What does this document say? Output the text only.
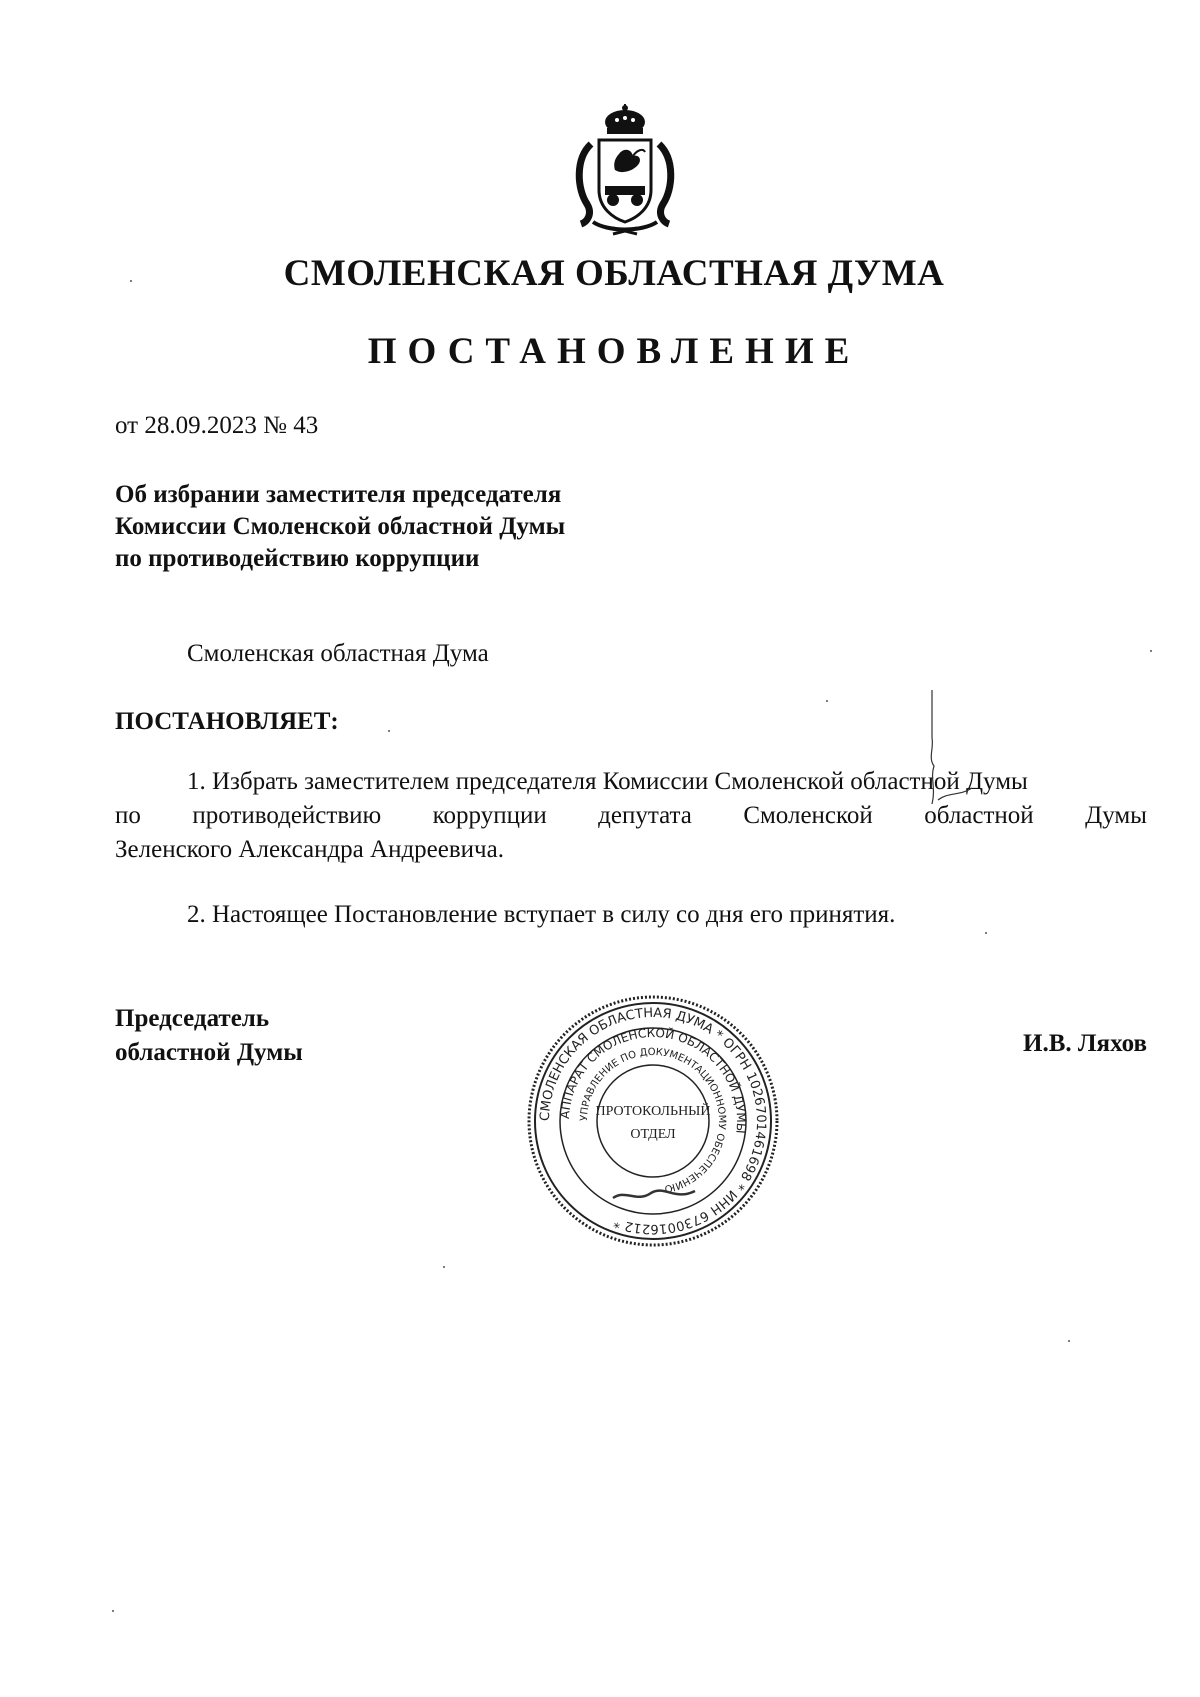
СМОЛЕНСКАЯ ОБЛАСТНАЯ ДУМА
ПОСТАНОВЛЕНИЕ
от 28.09.2023 № 43
Об избрании заместителя председателя
Комиссии Смоленской областной Думы
по противодействию коррупции
Смоленская областная Дума
ПОСТАНОВЛЯЕТ:
1. Избрать заместителем председателя Комиссии Смоленской областной Думы
по противодействию коррупции депутата Смоленской областной Думы
Зеленского Александра Андреевича.
2. Настоящее Постановление вступает в силу со дня его принятия.
Председатель
областной Думы	И.В. Ляхов
СМОЛЕНСКАЯ ОБЛАСТНАЯ ДУМА * ОГРН 1026701461698 * ИНН 6730016212 *
АППАРАТ СМОЛЕНСКОЙ ОБЛАСТНОЙ ДУМЫ
УПРАВЛЕНИЕ ПО ДОКУМЕНТАЦИОННОМУ ОБЕСПЕЧЕНИЮ
ПРОТОКОЛЬНЫЙ
ОТДЕЛ
